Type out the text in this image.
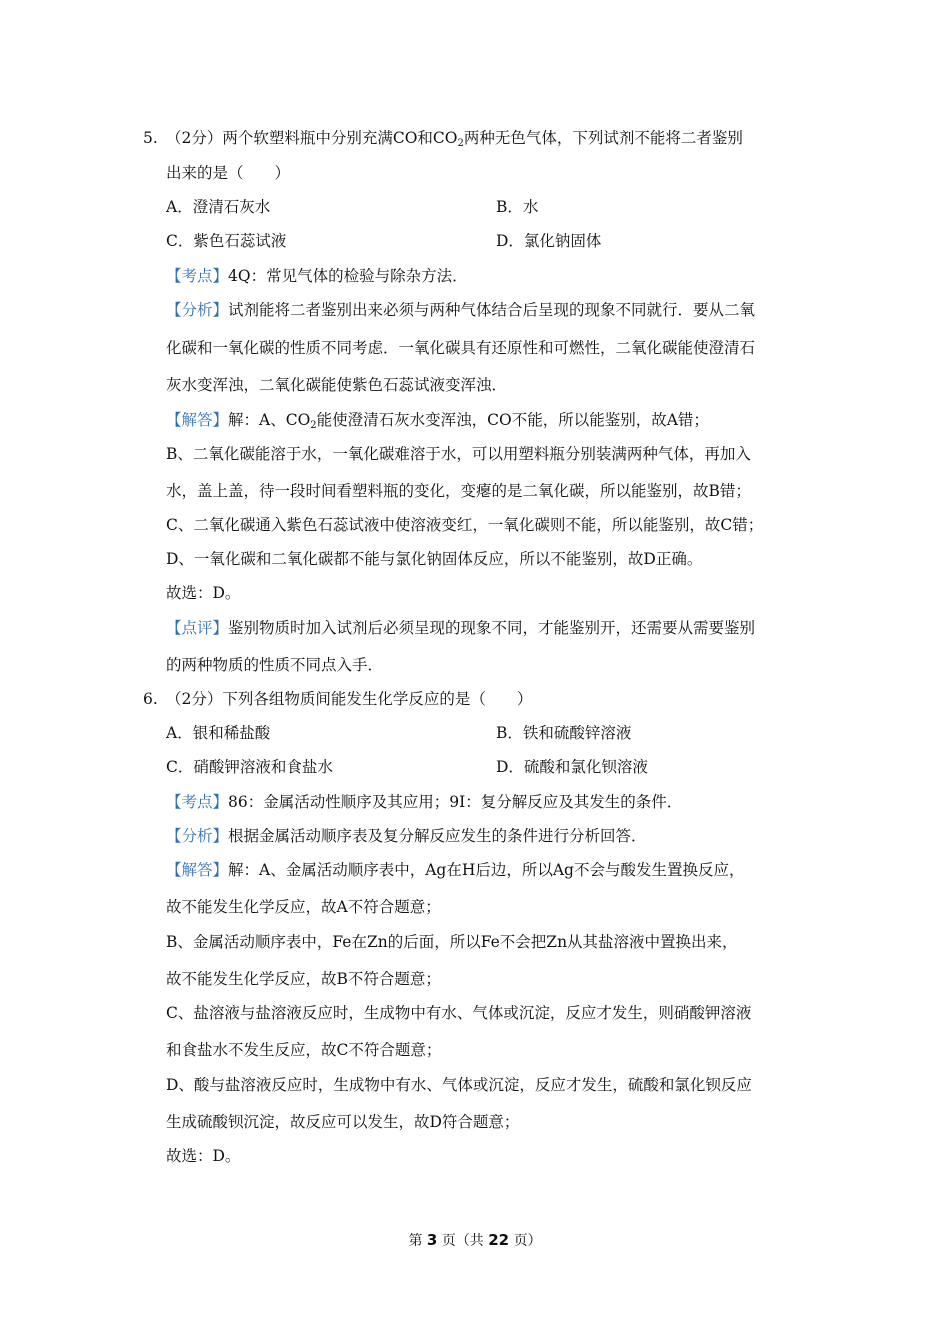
5. （2分）两个软塑料瓶中分别充满CO和$CO_2$两种无色气体，下列试剂不能将二者鉴别
出来的是（　　）
A．澄清石灰水	B．水
C．紫色石蕊试液	D．氯化钠固体
【考点】4Q：常见气体的检验与除杂方法．
【分析】试剂能将二者鉴别出来必须与两种气体结合后呈现的现象不同就行．要从二氧
化碳和一氧化碳的性质不同考虑．一氧化碳具有还原性和可燃性，二氧化碳能使澄清石
灰水变浑浊，二氧化碳能使紫色石蕊试液变浑浊．
【解答】解：A、$CO_2$能使澄清石灰水变浑浊，CO不能，所以能鉴别，故A错；
B、二氧化碳能溶于水，一氧化碳难溶于水，可以用塑料瓶分别装满两种气体，再加入
水，盖上盖，待一段时间看塑料瓶的变化，变瘪的是二氧化碳，所以能鉴别，故B错；
C、二氧化碳通入紫色石蕊试液中使溶液变红，一氧化碳则不能，所以能鉴别，故C错；
D、一氧化碳和二氧化碳都不能与氯化钠固体反应，所以不能鉴别，故D正确。
故选：D。
【点评】鉴别物质时加入试剂后必须呈现的现象不同，才能鉴别开，还需要从需要鉴别
的两种物质的性质不同点入手．
6. （2分）下列各组物质间能发生化学反应的是（　　）
A．银和稀盐酸	B．铁和硫酸锌溶液
C．硝酸钾溶液和食盐水	D．硫酸和氯化钡溶液
【考点】86：金属活动性顺序及其应用；9I：复分解反应及其发生的条件．
【分析】根据金属活动顺序表及复分解反应发生的条件进行分析回答．
【解答】解：A、金属活动顺序表中，Ag在H后边，所以Ag不会与酸发生置换反应，
故不能发生化学反应，故A不符合题意；
B、金属活动顺序表中，Fe在Zn的后面，所以Fe不会把Zn从其盐溶液中置换出来，
故不能发生化学反应，故B不符合题意；
C、盐溶液与盐溶液反应时，生成物中有水、气体或沉淀，反应才发生，则硝酸钾溶液
和食盐水不发生反应，故C不符合题意；
D、酸与盐溶液反应时，生成物中有水、气体或沉淀，反应才发生，硫酸和氯化钡反应
生成硫酸钡沉淀，故反应可以发生，故D符合题意；
故选：D。
第 3 页（共 22 页）
